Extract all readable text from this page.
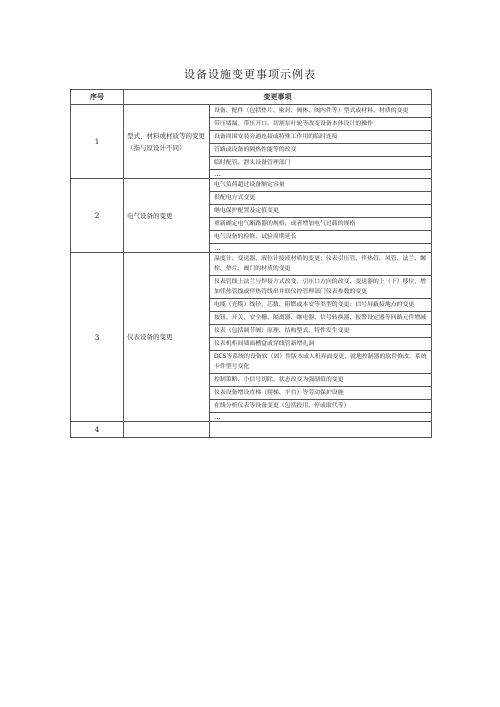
设备设施变更事项示例表
序号	变更事项	
1	型式、材料或材质等的变更（指与原设计不同）	设备、配件（包括垫片、密封、阀体、阀内件等）型式或材料、材质的变更
		带压堵漏、带压开口、切割泵叶轮等改变设备本体设计的操作
		设备周围安装旁通连接或特殊工作用的临时连接
		管路或设备的隔热性能等的改变
		临时配管、泄头设备管理部门
		…
2	电气设备的变更	电气负荷超过设备额定容量
		供配电方式变更
		继电保护配置及定值变更
		重新确定电气断路器的规格，或者增加电气过载的规格
		电气设备的检修、试验周期延长
		…
3	仪表设备的变更	温度计、变送器、液位计接液材质的变更；仪表引压管、伴热管、风管、法兰、螺栓、垫片、阀门的材质的变更
		仪表管线上法兰与焊接方式改变、引压口方向的改变、变送器的上（下）移位，增加伴热管线或伴热管线串并联仪控管理部门仪表参数的变更
		电缆（光缆）线径、芯数、阻燃或本安等类型的变更；信号屏蔽接地点的变更
		按钮、开关、安全栅、隔离器、继电器、信号转换器、报警设定器等回路元件增减
		仪表（包括调节阀）原理、结构型式、特性发生变更
		仪表机柜间墙面槽盒或穿线管新增孔洞
		DCS等系统的设备软（固）件版本或人机界面变更、就地控制器的软件修改、系统卡件型号变化
		控制策略、小信号切除、状态改变为强制值的变更
		仪表设备增设直梯（爬梯、平台）等劳动保护设施
		在线分析仪表等设备变更（包括投用、停或取代等）
		…
4		
